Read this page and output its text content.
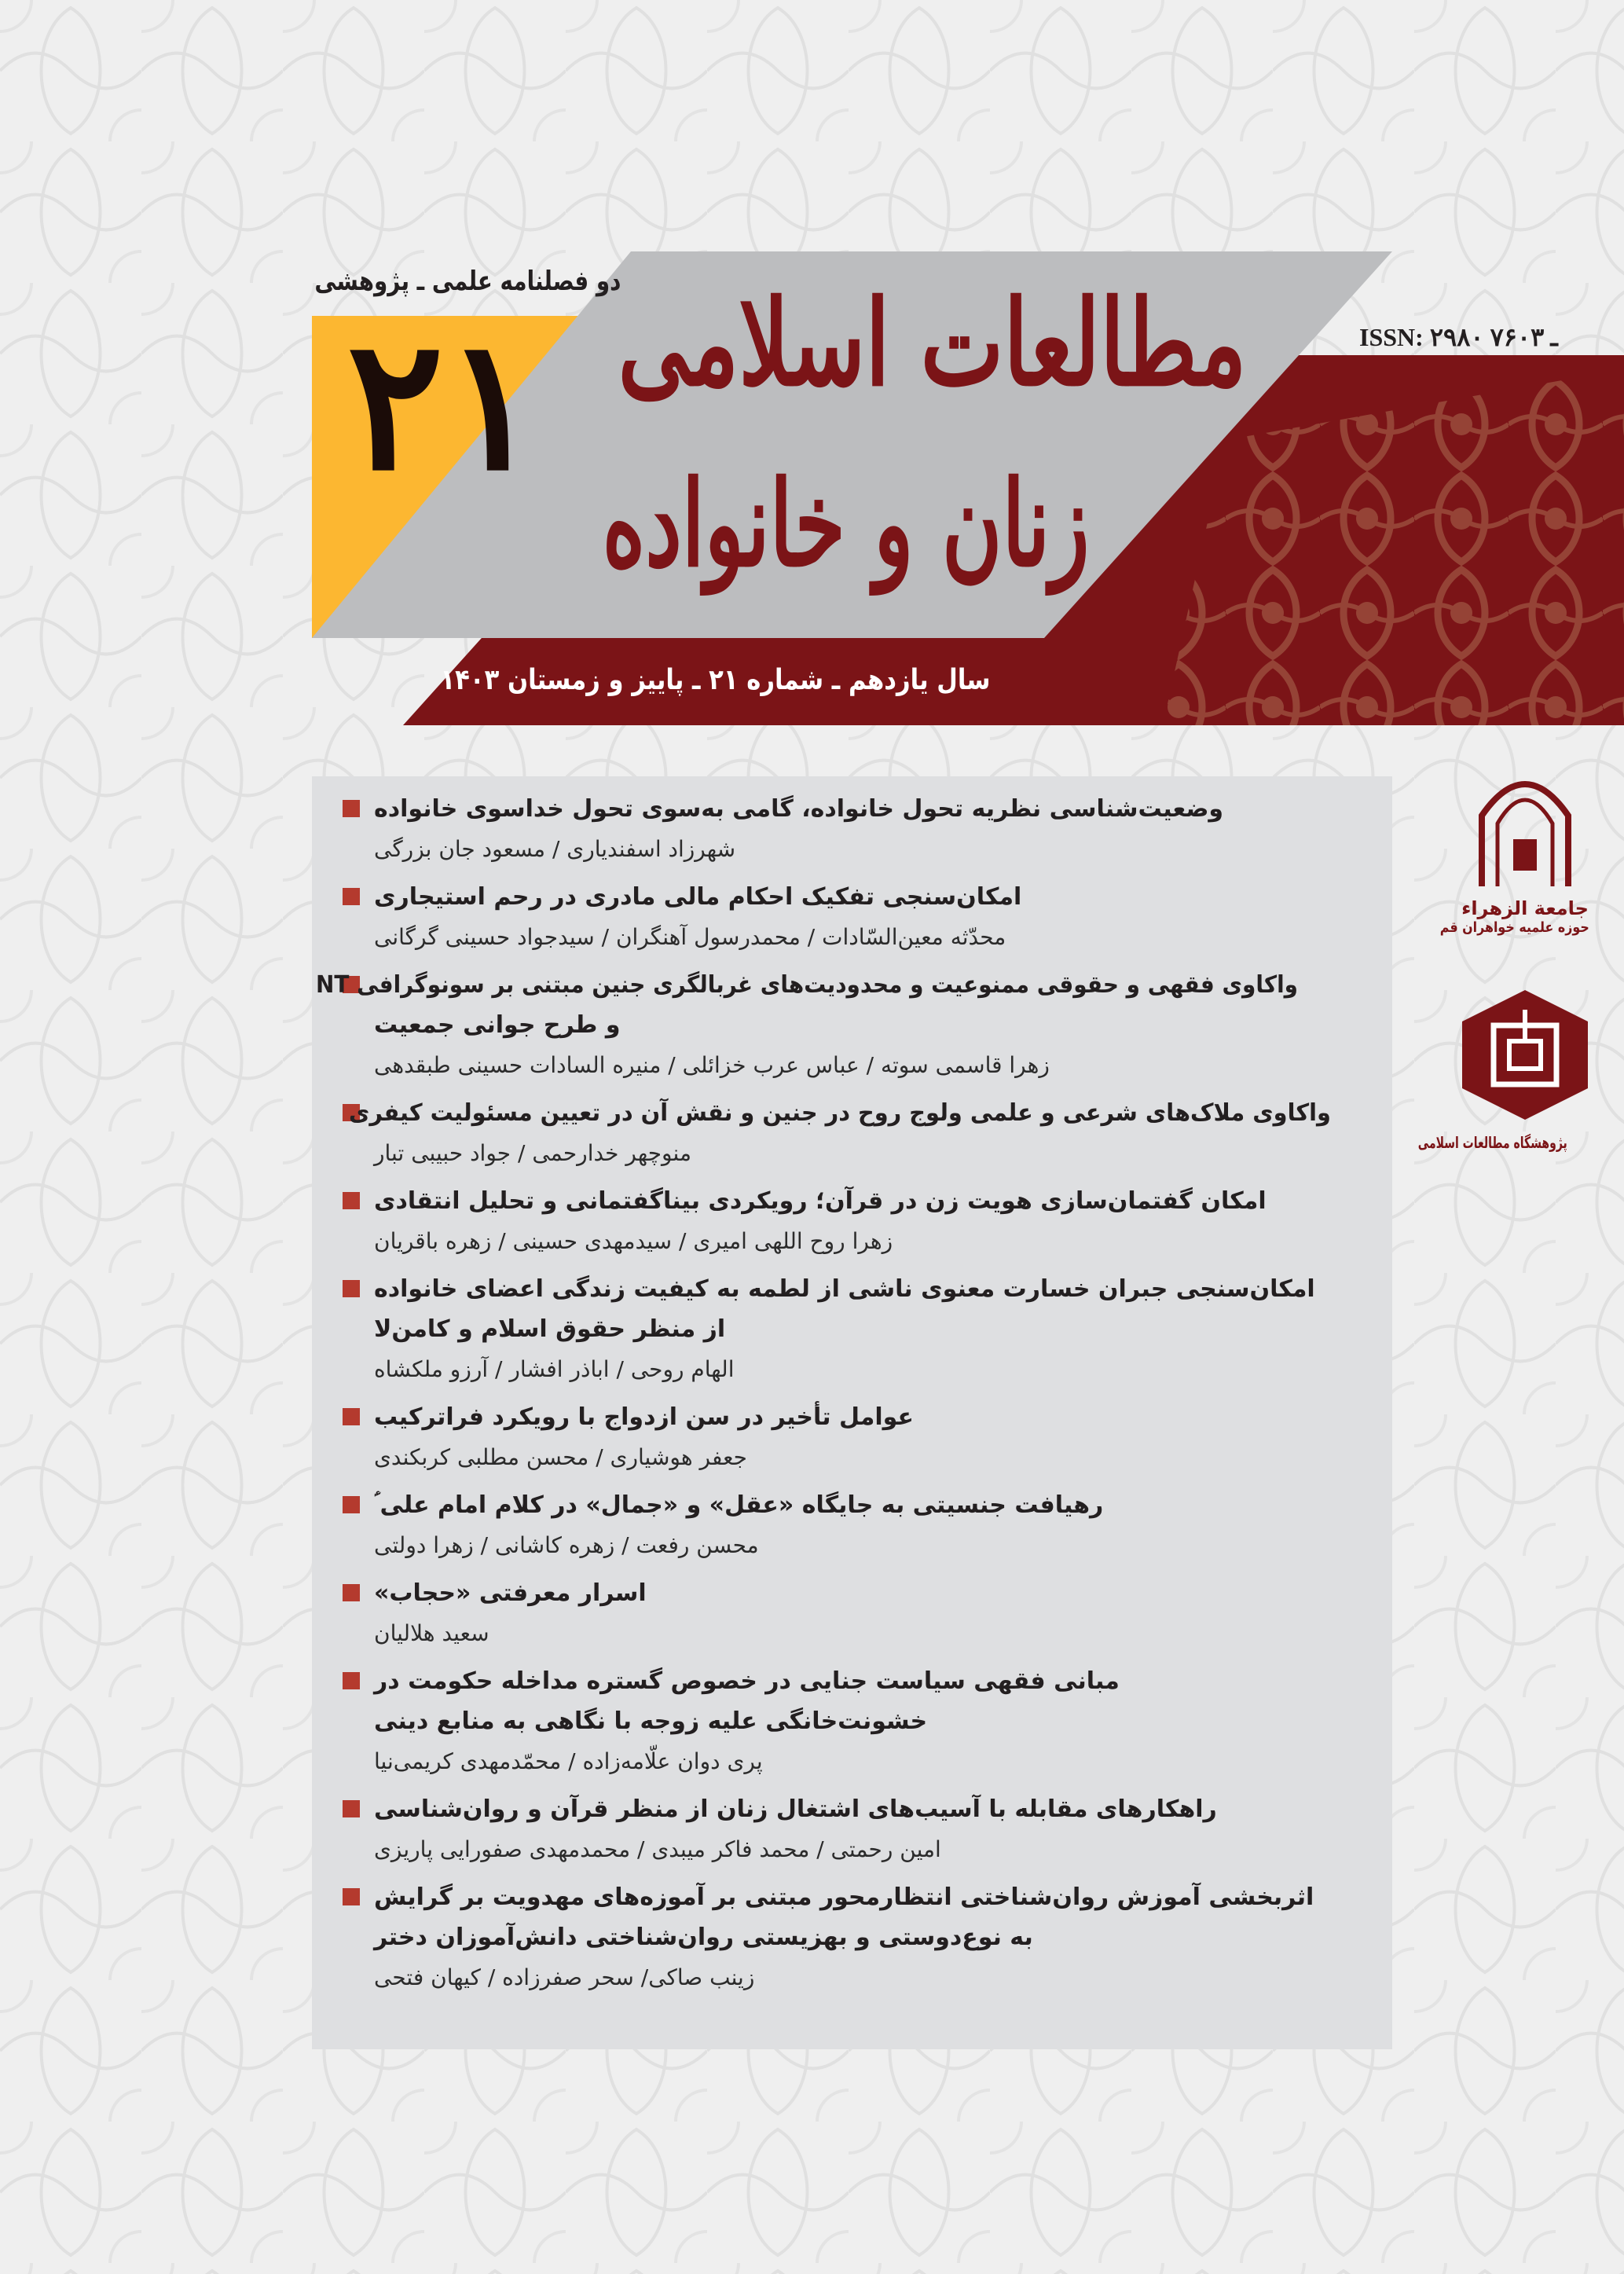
دو فصلنامه علمی ـ پژوهشی
ISSN: ۲۹۸۰ ـ ۷۶۰۳
۲۱ مطالعات اسلامی
زنان و خانواده
سال یازدهم ـ شماره ۲۱ ـ پاییز و زمستان ۱۴۰۳
وضعیت‌شناسی نظریه تحول خانواده، گامی به‌سوی تحول خداسوی خانواده
شهرزاد اسفندیاری / مسعود جان بزرگی
امکان‌سنجی تفکیک احکام مالی مادری در رحم استیجاری
محدّثه معین‌السّادات / محمدرسول آهنگران / سیدجواد حسینی گرگانی
واکاوی فقهی و حقوقی ممنوعیت و محدودیت‌های غربالگری جنین مبتنی بر سونوگرافی NT
و طرح جوانی جمعیت
زهرا قاسمی سوته / عباس عرب خزائلی / منیره السادات حسینی طبقدهی
واکاوی ملاک‌های شرعی و علمی ولوج روح در جنین و نقش آن در تعیین مسئولیت کیفری
منوچهر خدارحمی / جواد حبیبی تبار
امکان گفتمان‌سازی هویت زن در قرآن؛ رویکردی بیناگفتمانی و تحلیل انتقادی
زهرا روح اللهی امیری / سیدمهدی حسینی / زهره باقریان
امکان‌سنجی جبران خسارت معنوی ناشی از لطمه به کیفیت زندگی اعضای خانواده
از منظر حقوق اسلام و کامن‌لا
الهام روحی / اباذر افشار / آرزو ملکشاه
عوامل تأخیر در سن ازدواج با رویکرد فراترکیب
جعفر هوشیاری / محسن مطلبی کربکندی
رهیافت جنسیتی به جایگاه «عقل» و «جمال» در کلام امام علی ؑ
محسن رفعت / زهره کاشانی / زهرا دولتی
اسرار معرفتی «حجاب»
سعید هلالیان
مبانی فقهی سیاست جنایی در خصوص گستره مداخله حکومت در
خشونت‌خانگی علیه زوجه با نگاهی به منابع دینی
پری دوان علّامه‌زاده / محمّدمهدی کریمی‌نیا
راهکارهای مقابله با آسیب‌های اشتغال زنان از منظر قرآن و روان‌شناسی
امین رحمتی / محمد فاکر میبدی / محمدمهدی صفورایی پاریزی
اثربخشی آموزش روان‌شناختی انتظارمحور مبتنی بر آموزه‌های مهدویت بر گرایش
به نوع‌دوستی و بهزیستی روان‌شناختی دانش‌آموزان دختر
زینب صاکی/ سحر صفرزاده / کیهان فتحی
جامعة الزهراء
حوزه علمیه خواهران قم
پژوهشگاه مطالعات اسلامی
